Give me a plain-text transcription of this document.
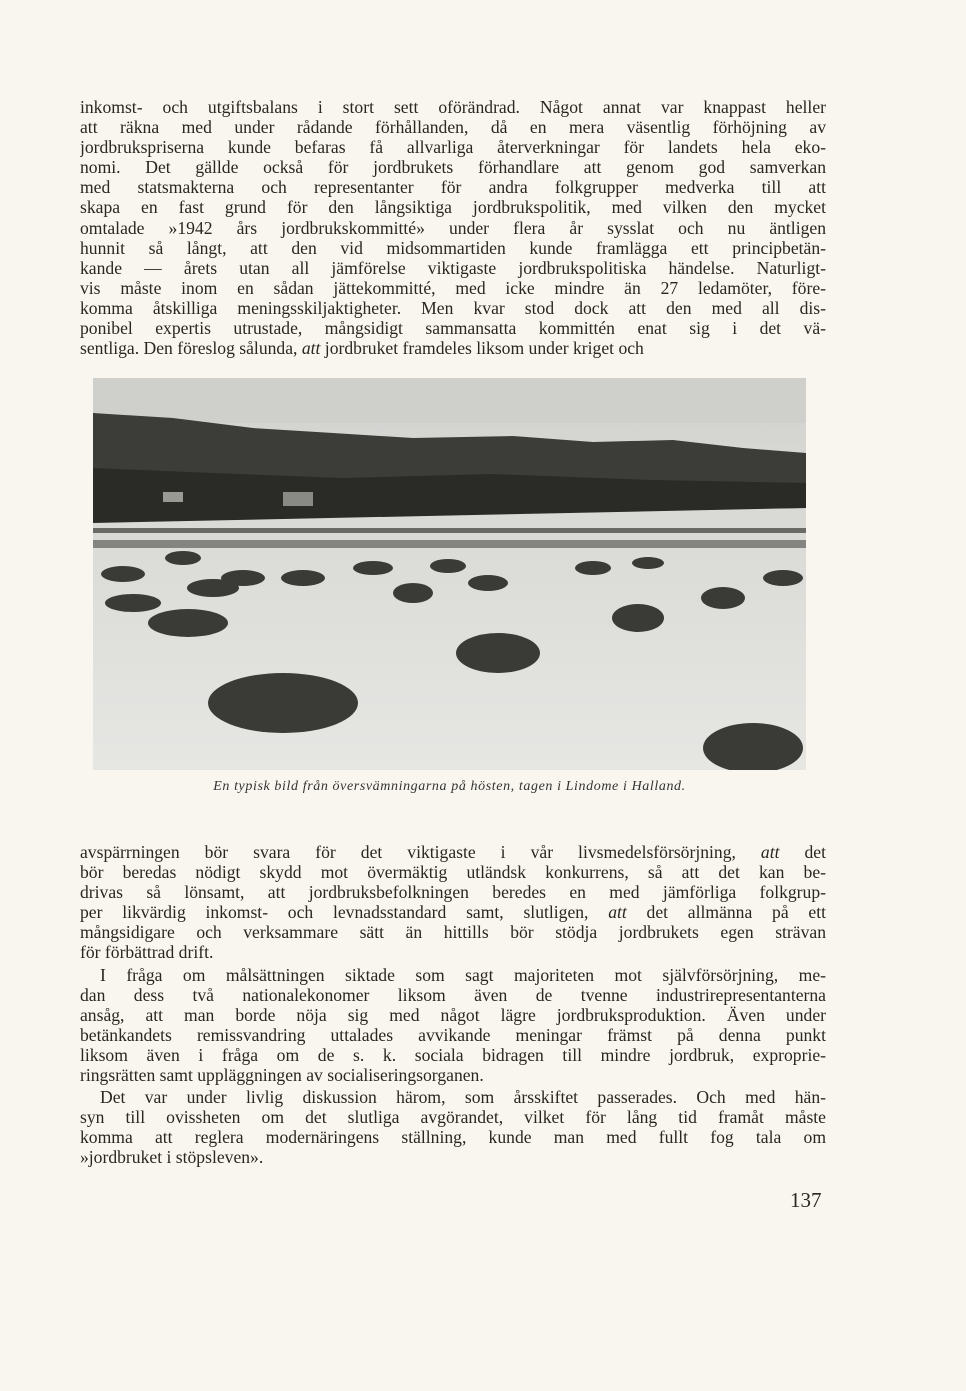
inkomst- och utgiftsbalans i stort sett oförändrad. Något annat var knappast heller
att räkna med under rådande förhållanden, då en mera väsentlig förhöjning av
jordbrukspriserna kunde befaras få allvarliga återverkningar för landets hela eko-
nomi. Det gällde också för jordbrukets förhandlare att genom god samverkan
med statsmakterna och representanter för andra folkgrupper medverka till att
skapa en fast grund för den långsiktiga jordbrukspolitik, med vilken den mycket
omtalade »1942 års jordbrukskommitté» under flera år sysslat och nu äntligen
hunnit så långt, att den vid midsommartiden kunde framlägga ett principbetän-
kande — årets utan all jämförelse viktigaste jordbrukspolitiska händelse. Naturligt-
vis måste inom en sådan jättekommitté, med icke mindre än 27 ledamöter, före-
komma åtskilliga meningsskiljaktigheter. Men kvar stod dock att den med all dis-
ponibel expertis utrustade, mångsidigt sammansatta kommittén enat sig i det vä-
sentliga. Den föreslog sålunda, att jordbruket framdeles liksom under kriget och
En typisk bild från översvämningarna på hösten, tagen i Lindome i Halland.
avspärrningen bör svara för det viktigaste i vår livsmedelsförsörjning, att det
bör beredas nödigt skydd mot övermäktig utländsk konkurrens, så att det kan be-
drivas så lönsamt, att jordbruksbefolkningen beredes en med jämförliga folkgrup-
per likvärdig inkomst- och levnadsstandard samt, slutligen, att det allmänna på ett
mångsidigare och verksammare sätt än hittills bör stödja jordbrukets egen strävan
för förbättrad drift.
I fråga om målsättningen siktade som sagt majoriteten mot självförsörjning, me-
dan dess två nationalekonomer liksom även de tvenne industrirepresentanterna
ansåg, att man borde nöja sig med något lägre jordbruksproduktion. Även under
betänkandets remissvandring uttalades avvikande meningar främst på denna punkt
liksom även i fråga om de s. k. sociala bidragen till mindre jordbruk, exproprie-
ringsrätten samt uppläggningen av socialiseringsorganen.
Det var under livlig diskussion härom, som årsskiftet passerades. Och med hän-
syn till ovissheten om det slutliga avgörandet, vilket för lång tid framåt måste
komma att reglera modernäringens ställning, kunde man med fullt fog tala om
»jordbruket i stöpsleven».
137
